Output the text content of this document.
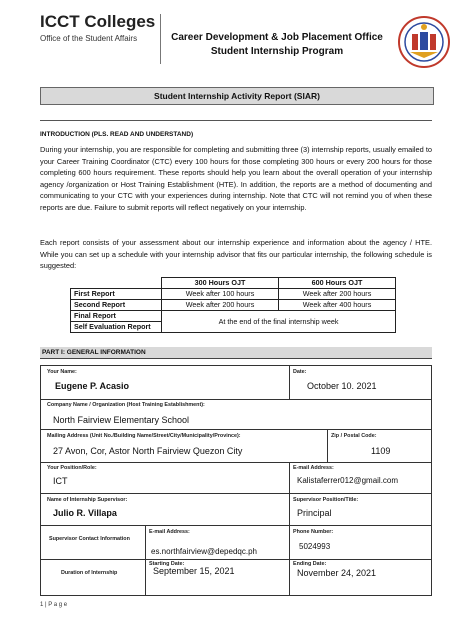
ICCT Colleges
Office of the Student Affairs	Career Development & Job Placement Office
Student Internship Program
Student Internship Activity Report (SIAR)
INTRODUCTION (PLS. READ AND UNDERSTAND)
During your internship, you are responsible for completing and submitting three (3) internship reports, usually emailed to your Career Training Coordinator (CTC) every 100 hours for those completing 300 hours or every 200 hours for those completing 600 hours requirement. These reports should help you learn about the overall operation of your internship agency /organization or Host Training Establishment (HTE). In addition, the reports are a method of documenting and communicating to your CTC with your experiences during internship. Note that CTC will not remind you of when these reports are due. Failure to submit reports will reflect negatively on your internship.
Each report consists of your assessment about our internship experience and information about the agency / HTE. While you can set up a schedule with your internship advisor that fits our particular internship, the following schedule is suggested:
	300 Hours OJT	600 Hours OJT
First Report	Week after 100 hours	Week after 200 hours
Second Report	Week after 200 hours	Week after 400 hours
Final Report	At the end of the final internship week	
Self Evaluation Report		
PART I: GENERAL INFORMATION
Your Name:
Eugene P. Acasio
Date:
October 10. 2021
Company Name / Organization (Host Training Establishment):
North Fairview Elementary School
Mailing Address (Unit No./Building Name/Street/City/Municipality/Province):
27 Avon, Cor, Astor North Fairview Quezon City
Zip / Postal Code:
1109
Your Position/Role:
ICT
E-mail Address:
Kalistaferrer012@gmail.com
Name of Internship Supervisor:
Julio R. Villapa
Supervisor Position/Title:
Principal
Supervisor Contact Information
E-mail Address:
es.northfairview@depedqc.ph
Phone Number:
5024993
Duration of Internship
Starting Date:
September 15, 2021
Ending Date:
November 24, 2021
1 | P a g e
